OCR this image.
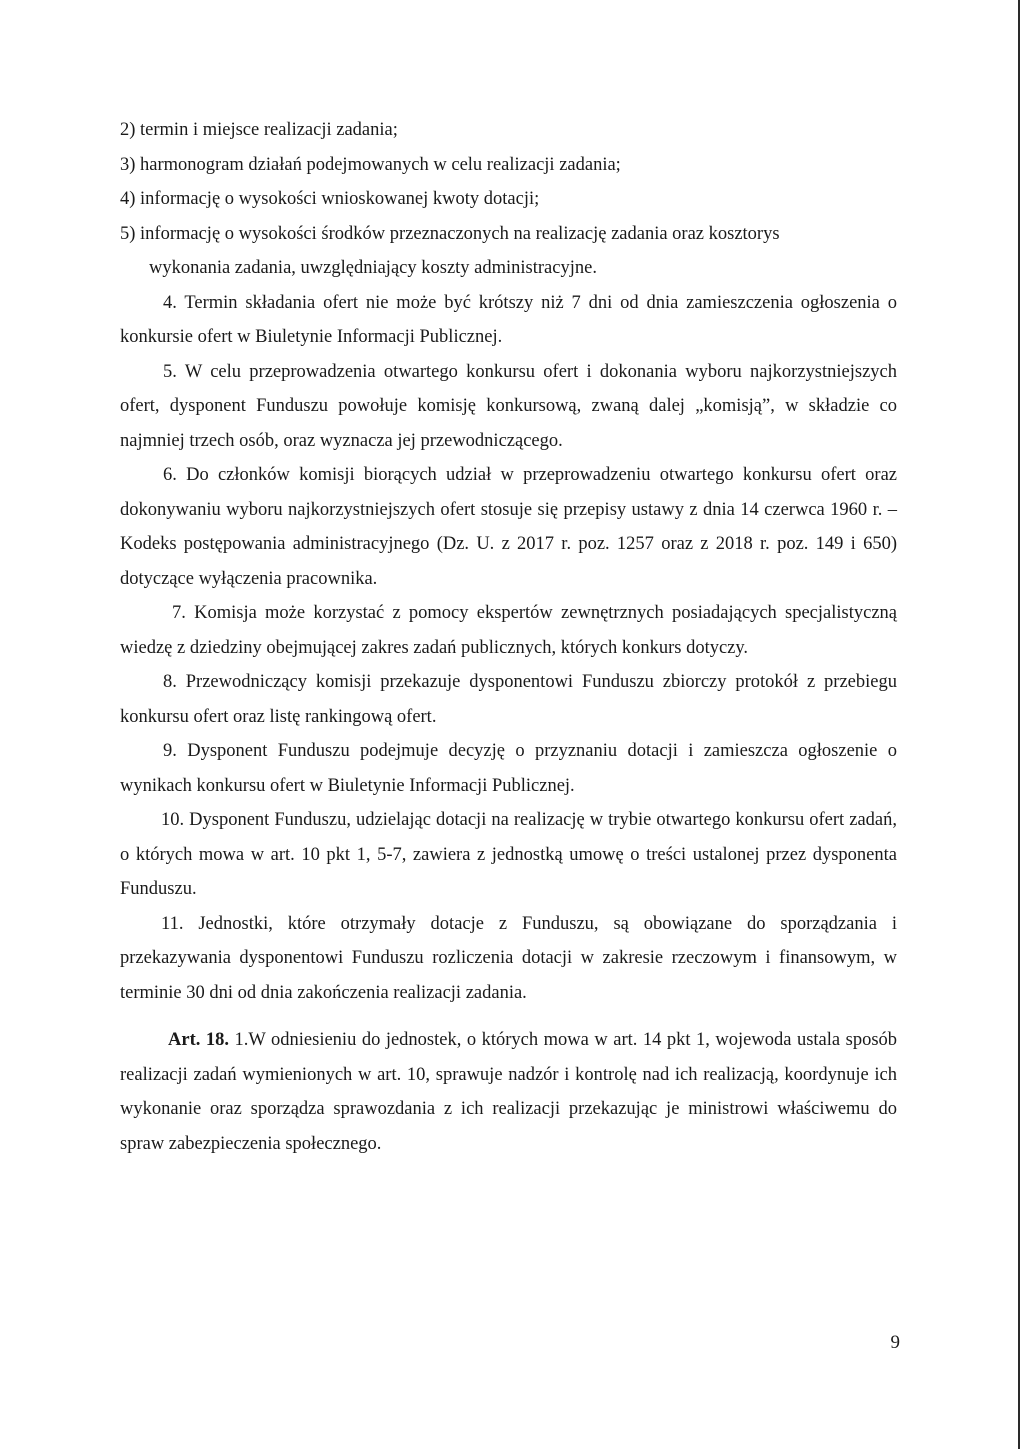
2) termin i miejsce realizacji zadania;

3) harmonogram działań podejmowanych w celu realizacji zadania;

4) informację o wysokości wnioskowanej kwoty dotacji;

5) informację o wysokości środków przeznaczonych na realizację zadania oraz kosztorys

wykonania zadania, uwzględniający koszty administracyjne.

4. Termin składania ofert nie może być krótszy niż 7 dni od dnia zamieszczenia ogłoszenia o konkursie ofert w Biuletynie Informacji Publicznej.

5. W celu przeprowadzenia otwartego konkursu ofert i dokonania wyboru najkorzystniejszych ofert, dysponent Funduszu powołuje komisję konkursową, zwaną dalej „komisją”, w składzie co najmniej trzech osób, oraz wyznacza jej przewodniczącego.

6. Do członków komisji biorących udział w przeprowadzeniu otwartego konkursu ofert oraz dokonywaniu wyboru najkorzystniejszych ofert stosuje się przepisy ustawy z dnia 14 czerwca 1960 r. – Kodeks postępowania administracyjnego (Dz. U. z 2017 r. poz. 1257 oraz z 2018 r. poz. 149 i 650) dotyczące wyłączenia pracownika.

7. Komisja może korzystać z pomocy ekspertów zewnętrznych posiadających specjalistyczną wiedzę z dziedziny obejmującej zakres zadań publicznych, których konkurs dotyczy.

8. Przewodniczący komisji przekazuje dysponentowi Funduszu zbiorczy protokół z przebiegu konkursu ofert oraz listę rankingową ofert.

9. Dysponent Funduszu podejmuje decyzję o przyznaniu dotacji i zamieszcza ogłoszenie o wynikach konkursu ofert w Biuletynie Informacji Publicznej.

10. Dysponent Funduszu, udzielając dotacji na realizację w trybie otwartego konkursu ofert zadań, o których mowa w art. 10 pkt 1, 5-7, zawiera z jednostką umowę o treści ustalonej przez dysponenta Funduszu.

11. Jednostki, które otrzymały dotacje z Funduszu, są obowiązane do sporządzania i przekazywania dysponentowi Funduszu rozliczenia dotacji w zakresie rzeczowym i finansowym, w terminie 30 dni od dnia zakończenia realizacji zadania.

Art. 18. 1.W odniesieniu do jednostek, o których mowa w art. 14 pkt 1, wojewoda ustala sposób realizacji zadań wymienionych w art. 10, sprawuje nadzór i kontrolę nad ich realizacją, koordynuje ich wykonanie oraz sporządza sprawozdania z ich realizacji przekazując je ministrowi właściwemu do spraw zabezpieczenia społecznego.

9
